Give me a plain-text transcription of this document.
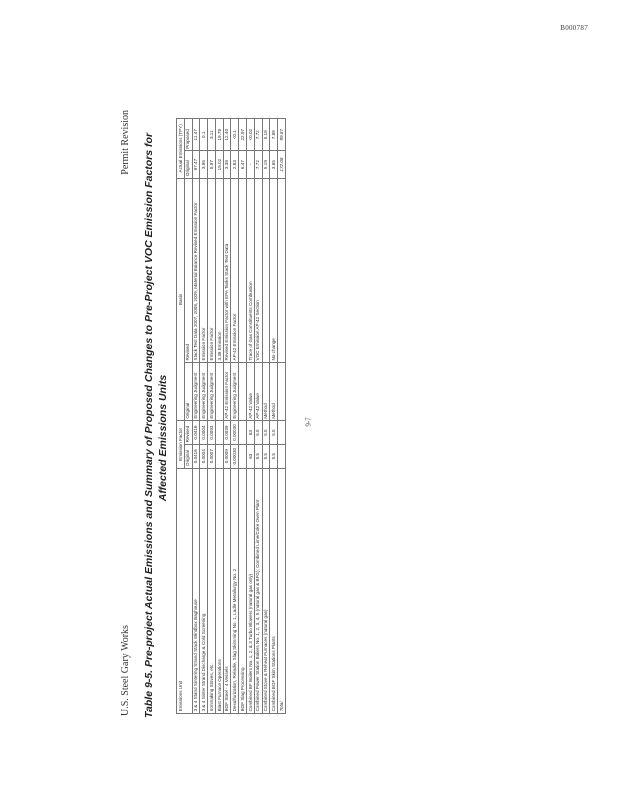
B000787
U.S. Steel Gary Works
Permit Revision Table 9-5. Pre-project Actual Emissions and Summary of Proposed Changes to Pre-Project VOC Emission Factors for Affected Emissions Units
Emissions Unit	Emission Factor		Basis		Actual Emissions (TPY)	
	Original	Revised	Original	Revised	Original	Proposed
3 & 4 Stand Sintering Strand Stack Windbox Baghouse	0.0416	0.0416	Engineering Judgment	Stack Test Data 2007, 2008, 2009, Material Balance Revised Emission Factor	97.47	11.47
3 & 4 Sinter Strand Discharge & Cold Screening	0.0004	0.0004	Engineering Judgment	Emission Factor	3.95	0.1
Ironmaking Stoves, etc.	0.0007	0.0093	Engineering Judgment	Emission Factor	5.97	3.11
Blast Furnace Operations				3.38 Emission	15.02	19.78
BOF Steel - 4 Vessels	0.0009	0.0039	AP-42 Emission Factor	Revised Emission Factor with EPA Tanks Stack Test Data	3.38	12.40
Desulfurization, Reladle, Slag Skimming No. 1, Ladle Metallurgy No. 2	0.00030	0.00030	Engineering Judgment	AP-42 Emission Factor	2.83	<0.1
BOF Slag Processing					6.47	22.97
Combined BF Boilers No. 1, 2, & 3 Turbo Blowers (natural gas only)	63	63	AP-42 Value	Trace of Gas Constituents Combustion	-	<0.02
Combined Power Station Boilers No. 1, 2, 3, 4, 5 (natural gas & BFG); Combined Lime/Coke Oven Plant	5.5	5.5	AP-42 Value	VOC Emission AP-42 Section	7.72	7.72
Combined Stove & Reheat Furnaces (natural gas)	5.5	5.5	Method		5.19	5.19
Combined BOF Skim Stations Plants	5.5	5.5	Method	No change	3.65	7.89
Total					172.08	99.87
9-7
